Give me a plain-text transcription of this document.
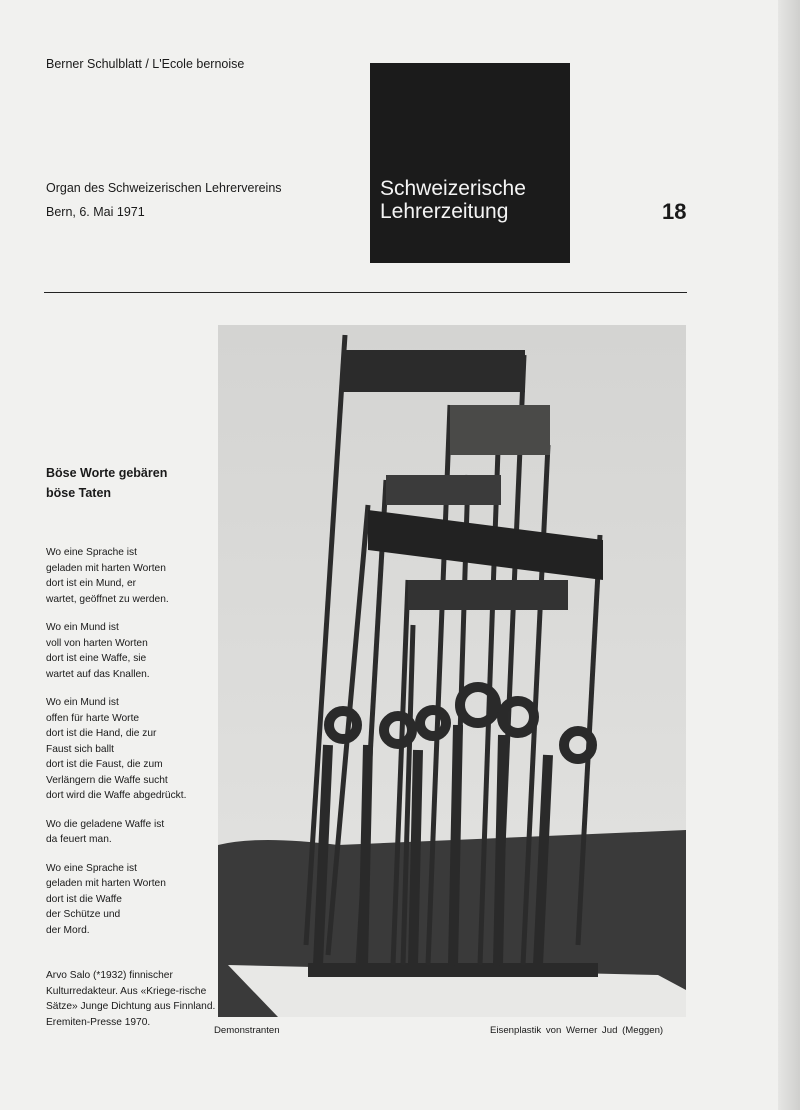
Berner Schulblatt / L'Ecole bernoise
Organ des Schweizerischen Lehrervereins
Bern, 6. Mai 1971
Schweizerische
Lehrerzeitung	18
Böse Worte gebären böse Taten

Wo eine Sprache ist
geladen mit harten Worten
dort ist ein Mund, er
wartet, geöffnet zu werden.

Wo ein Mund ist
voll von harten Worten
dort ist eine Waffe, sie
wartet auf das Knallen.

Wo ein Mund ist
offen für harte Worte
dort ist die Hand, die zur
Faust sich ballt
dort ist die Faust, die zum
Verlängern die Waffe sucht
dort wird die Waffe abgedrückt.

Wo die geladene Waffe ist
da feuert man.

Wo eine Sprache ist
geladen mit harten Worten
dort ist die Waffe
der Schütze und
der Mord.

Arvo Salo (*1932) finnischer Kulturredakteur. Aus «Kriege-rische Sätze» Junge Dichtung aus Finnland.
Eremiten-Presse 1970.

Demonstranten	Eisenplastik von Werner Jud (Meggen)
